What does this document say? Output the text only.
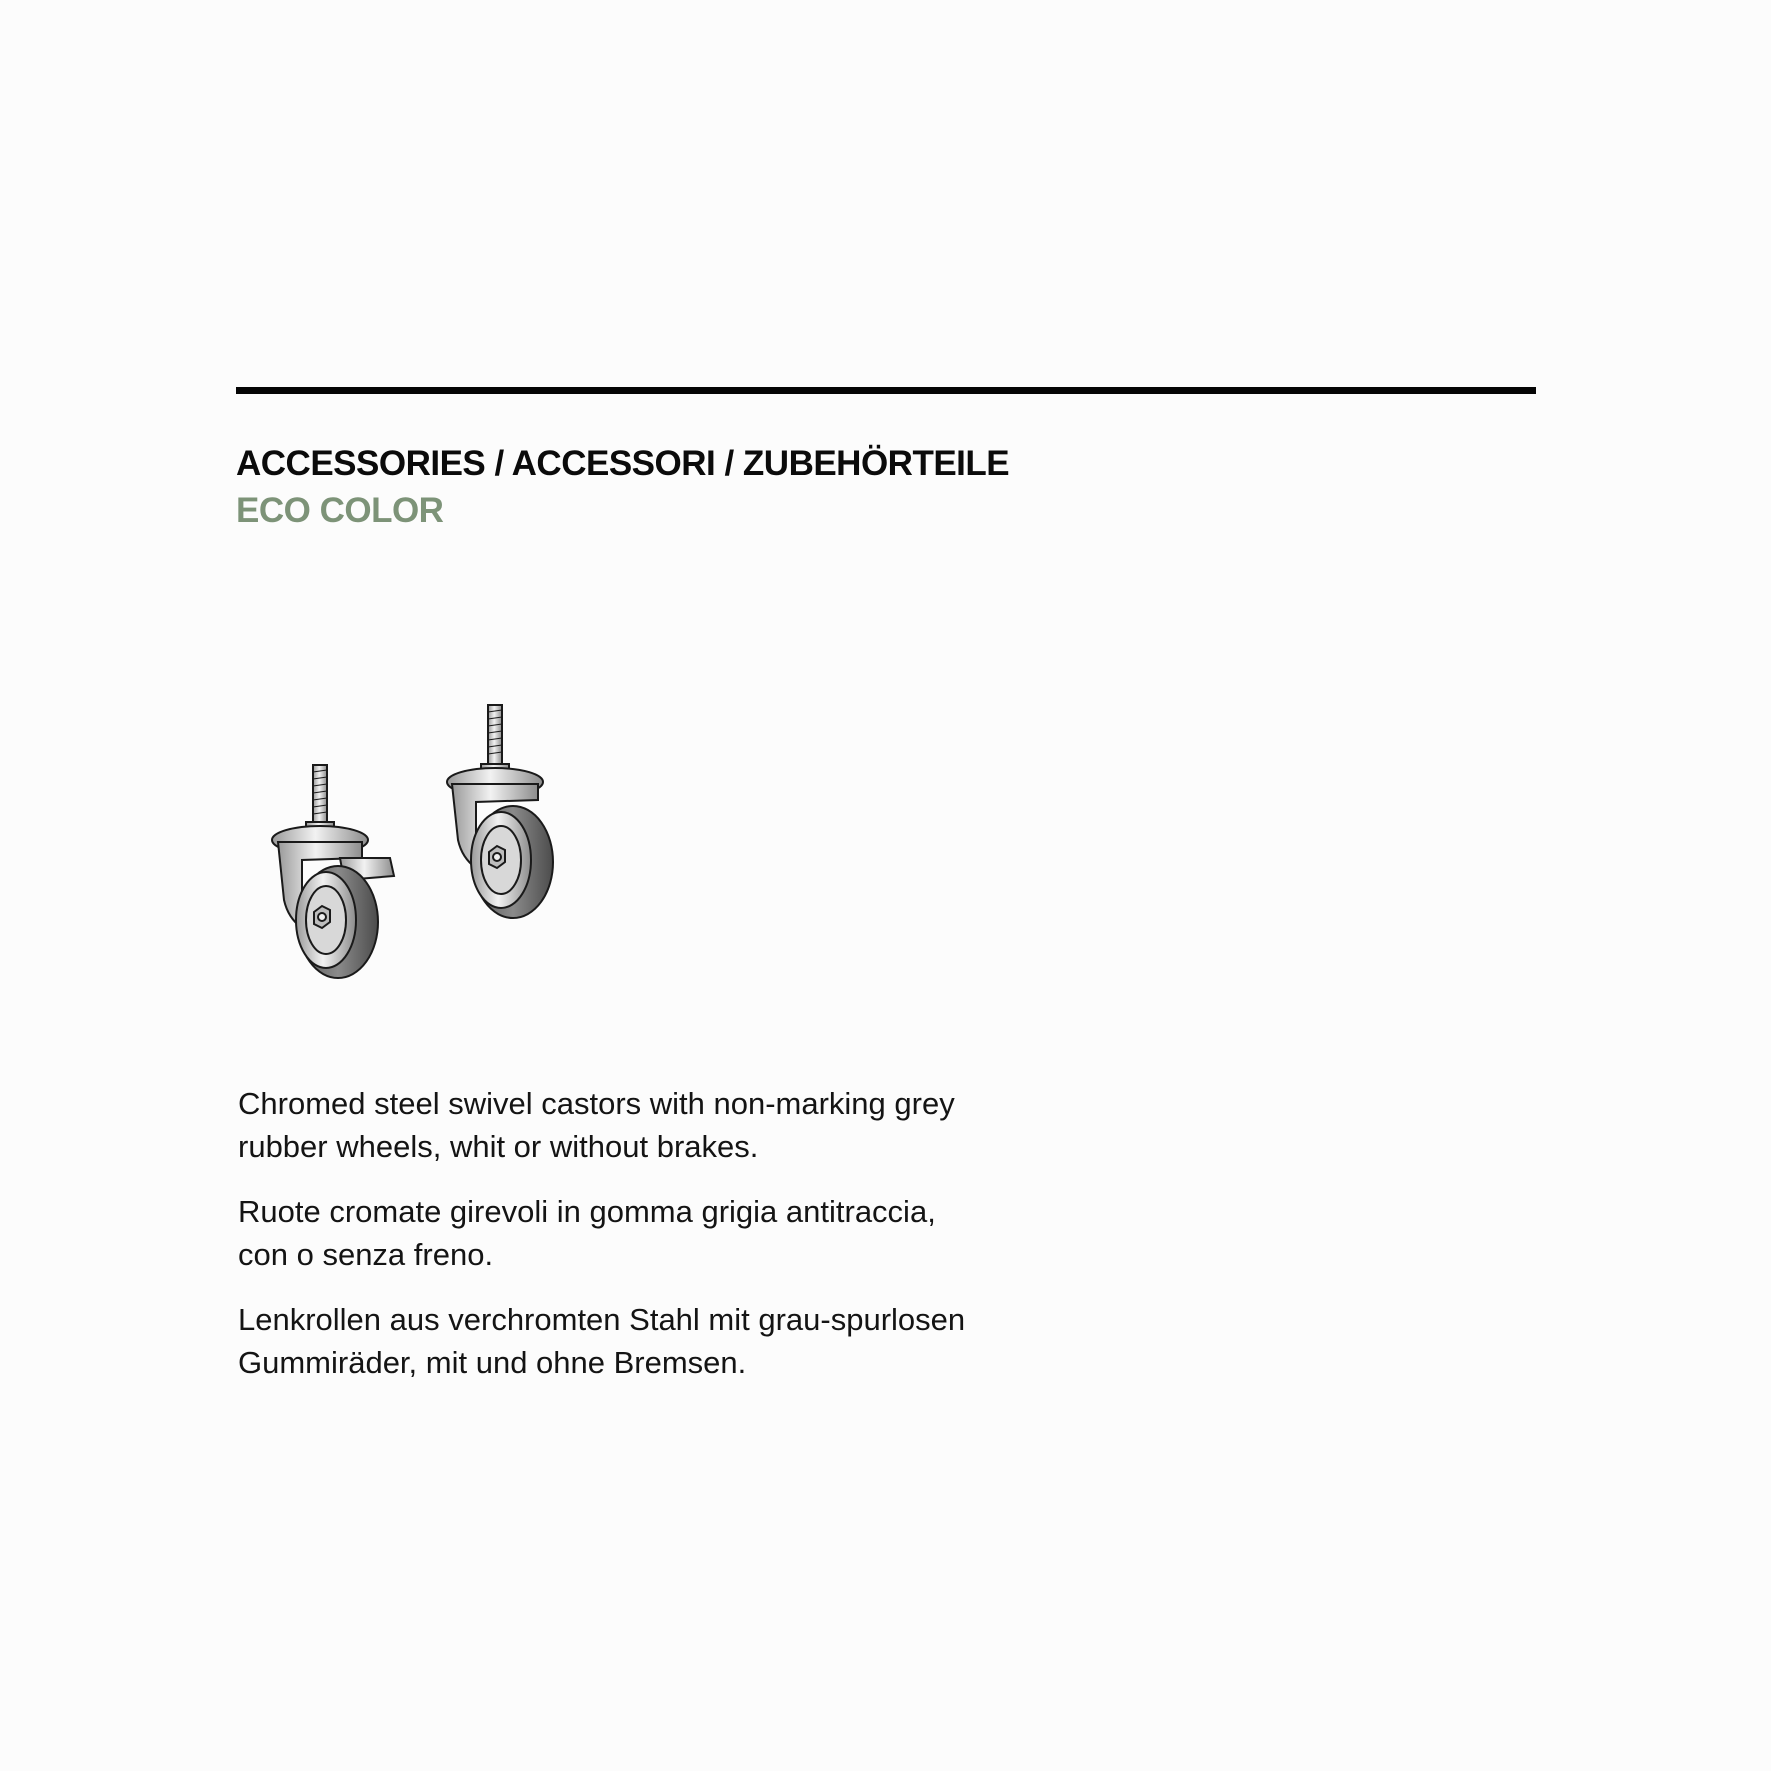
ACCESSORIES / ACCESSORI / ZUBEHÖRTEILE
ECO COLOR

Chromed steel swivel castors with non-marking grey
rubber wheels, whit or without brakes.

Ruote cromate girevoli in gomma grigia antitraccia,
con o senza freno.

Lenkrollen aus verchromten Stahl mit grau-spurlosen
Gummiräder, mit und ohne Bremsen.
